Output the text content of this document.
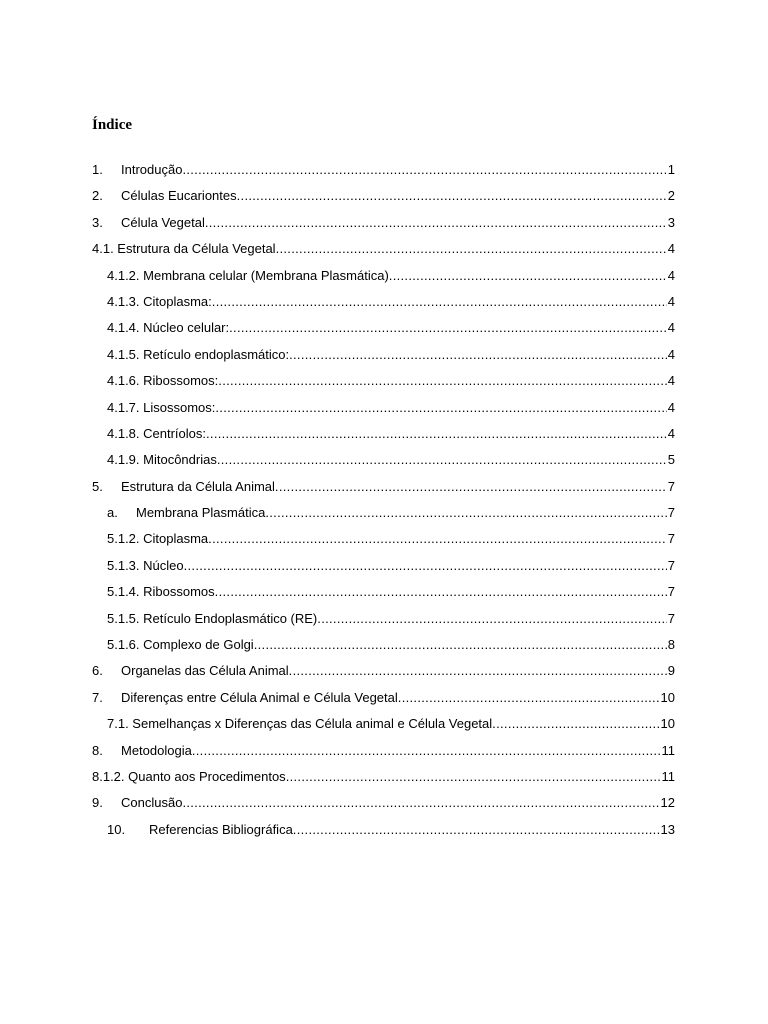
Índice
1.	Introdução .....	1
2.	Células Eucariontes .....	2
3.	Célula Vegetal .....	3
4.1. Estrutura da Célula Vegetal .....	4
4.1.2. Membrana celular (Membrana Plasmática) .....	4
4.1.3. Citoplasma: .....	4
4.1.4. Núcleo celular: .....	4
4.1.5. Retículo endoplasmático: .....	4
4.1.6. Ribossomos: .....	4
4.1.7. Lisossomos: .....	4
4.1.8. Centríolos: .....	4
4.1.9. Mitocôndrias .....	5
5.	Estrutura da Célula Animal .....	7
a.	Membrana Plasmática .....	7
5.1.2. Citoplasma .....	7
5.1.3. Núcleo .....	7
5.1.4. Ribossomos .....	7
5.1.5. Retículo Endoplasmático (RE) .....	7
5.1.6. Complexo de Golgi .....	8
6.	Organelas das Célula Animal .....	9
7.	Diferenças entre Célula Animal e Célula Vegetal .....	10
7.1. Semelhanças x Diferenças das Célula animal e Célula Vegetal .....	10
8.	Metodologia .....	11
8.1.2. Quanto aos Procedimentos .....	11
9.	Conclusão .....	12
10.	Referencias Bibliográfica .....	13
